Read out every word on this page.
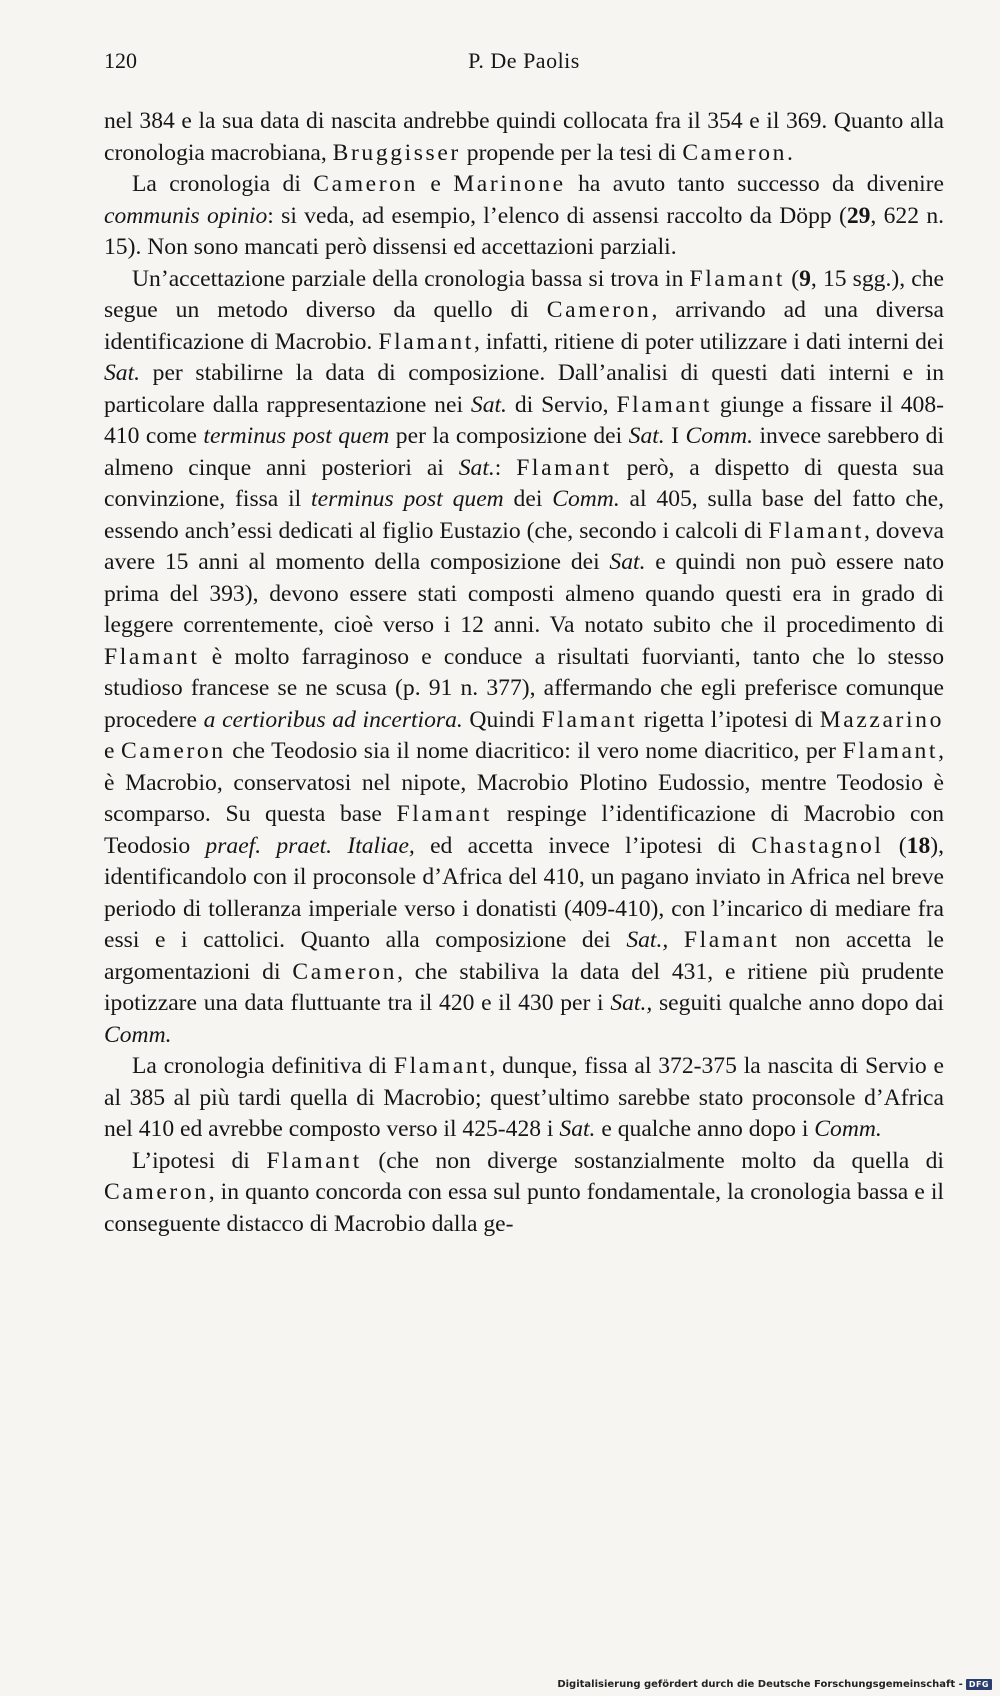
120	P. De Paolis

nel 384 e la sua data di nascita andrebbe quindi collocata fra il 354 e il 369. Quanto alla cronologia macrobiana, Bruggisser propende per la tesi di Cameron.

La cronologia di Cameron e Marinone ha avuto tanto successo da divenire communis opinio: si veda, ad esempio, l’elenco di assensi raccolto da Döpp (29, 622 n. 15). Non sono mancati però dissensi ed accettazioni parziali.

Un’accettazione parziale della cronologia bassa si trova in Flamant (9, 15 sgg.), che segue un metodo diverso da quello di Cameron, arrivando ad una diversa identificazione di Macrobio. Flamant, infatti, ritiene di poter utilizzare i dati interni dei Sat. per stabilirne la data di composizione. Dall’analisi di questi dati interni e in particolare dalla rappresentazione nei Sat. di Servio, Flamant giunge a fissare il 408-410 come terminus post quem per la composizione dei Sat. I Comm. invece sarebbero di almeno cinque anni posteriori ai Sat.: Flamant però, a dispetto di questa sua convinzione, fissa il terminus post quem dei Comm. al 405, sulla base del fatto che, essendo anch’essi dedicati al figlio Eustazio (che, secondo i calcoli di Flamant, doveva avere 15 anni al momento della composizione dei Sat. e quindi non può essere nato prima del 393), devono essere stati composti almeno quando questi era in grado di leggere correntemente, cioè verso i 12 anni. Va notato subito che il procedimento di Flamant è molto farraginoso e conduce a risultati fuorvianti, tanto che lo stesso studioso francese se ne scusa (p. 91 n. 377), affermando che egli preferisce comunque procedere a certioribus ad incertiora. Quindi Flamant rigetta l’ipotesi di Mazzarino e Cameron che Teodosio sia il nome diacritico: il vero nome diacritico, per Flamant, è Macrobio, conservatosi nel nipote, Macrobio Plotino Eudossio, mentre Teodosio è scomparso. Su questa base Flamant respinge l’identificazione di Macrobio con Teodosio praef. praet. Italiae, ed accetta invece l’ipotesi di Chastagnol (18), identificandolo con il proconsole d’Africa del 410, un pagano inviato in Africa nel breve periodo di tolleranza imperiale verso i donatisti (409-410), con l’incarico di mediare fra essi e i cattolici. Quanto alla composizione dei Sat., Flamant non accetta le argomentazioni di Cameron, che stabiliva la data del 431, e ritiene più prudente ipotizzare una data fluttuante tra il 420 e il 430 per i Sat., seguiti qualche anno dopo dai Comm.

La cronologia definitiva di Flamant, dunque, fissa al 372-375 la nascita di Servio e al 385 al più tardi quella di Macrobio; quest’ultimo sarebbe stato proconsole d’Africa nel 410 ed avrebbe composto verso il 425-428 i Sat. e qualche anno dopo i Comm.

L’ipotesi di Flamant (che non diverge sostanzialmente molto da quella di Cameron, in quanto concorda con essa sul punto fondamentale, la cronologia bassa e il conseguente distacco di Macrobio dalla ge-

Digitalisierung gefördert durch die Deutsche Forschungsgemeinschaft - DFG
